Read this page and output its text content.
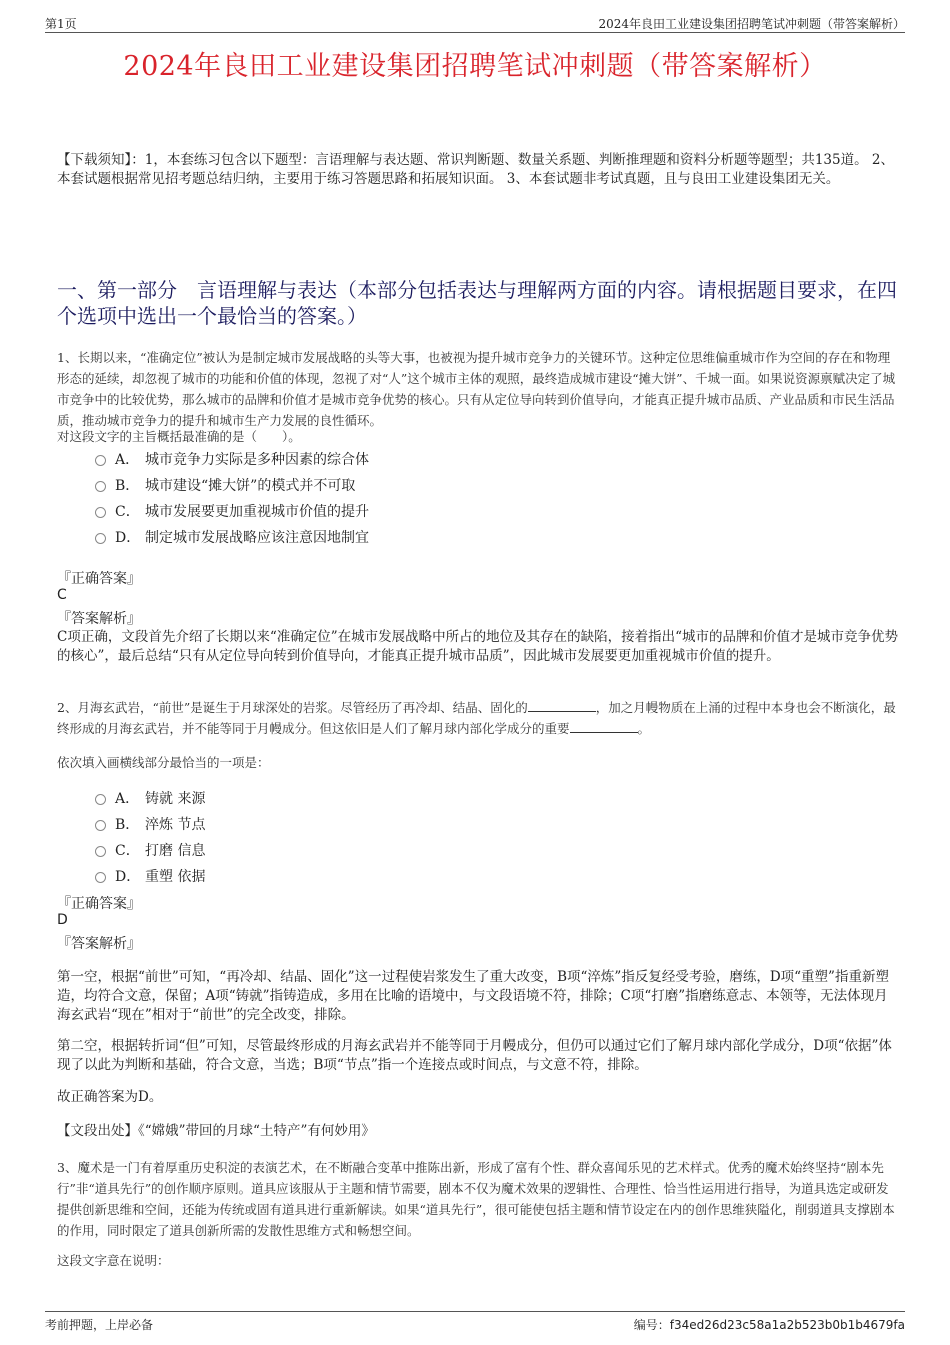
第1页	2024年良田工业建设集团招聘笔试冲刺题（带答案解析）
2024年良田工业建设集团招聘笔试冲刺题（带答案解析）
【下载须知】：1，本套练习包含以下题型：言语理解与表达题、常识判断题、数量关系题、判断推理题和资料分析题等题型；共135道。 2、本套试题根据常见招考题总结归纳，主要用于练习答题思路和拓展知识面。 3、本套试题非考试真题，且与良田工业建设集团无关。
一、第一部分　言语理解与表达（本部分包括表达与理解两方面的内容。请根据题目要求，在四个选项中选出一个最恰当的答案。）
1、长期以来，“准确定位”被认为是制定城市发展战略的头等大事，也被视为提升城市竞争力的关键环节。这种定位思维偏重城市作为空间的存在和物理形态的延续，却忽视了城市的功能和价值的体现，忽视了对“人”这个城市主体的观照，最终造成城市建设“摊大饼”、千城一面。如果说资源禀赋决定了城市竞争中的比较优势，那么城市的品牌和价值才是城市竞争优势的核心。只有从定位导向转到价值导向，才能真正提升城市品质、产业品质和市民生活品质，推动城市竞争力的提升和城市生产力发展的良性循环。
对这段文字的主旨概括最准确的是（　　）。
A． 城市竞争力实际是多种因素的综合体
B． 城市建设“摊大饼”的模式并不可取
C． 城市发展要更加重视城市价值的提升
D． 制定城市发展战略应该注意因地制宜
『正确答案』
C
『答案解析』
C项正确，文段首先介绍了长期以来“准确定位”在城市发展战略中所占的地位及其存在的缺陷，接着指出“城市的品牌和价值才是城市竞争优势的核心”，最后总结“只有从定位导向转到价值导向，才能真正提升城市品质”，因此城市发展要更加重视城市价值的提升。
2、月海玄武岩，“前世”是诞生于月球深处的岩浆。尽管经历了再冷却、结晶、固化的	，加之月幔物质在上涌的过程中本身也会不断演化，最终形成的月海玄武岩，并不能等同于月幔成分。但这依旧是人们了解月球内部化学成分的重要	。
依次填入画横线部分最恰当的一项是：
A． 铸就 来源
B． 淬炼 节点
C． 打磨 信息
D． 重塑 依据
『正确答案』
D
『答案解析』
第一空，根据“前世”可知，“再冷却、结晶、固化”这一过程使岩浆发生了重大改变，B项“淬炼”指反复经受考验，磨练，D项“重塑”指重新塑造，均符合文意，保留；A项“铸就”指铸造成，多用在比喻的语境中，与文段语境不符，排除；C项“打磨”指磨练意志、本领等，无法体现月海玄武岩“现在”相对于“前世”的完全改变，排除。
第二空，根据转折词“但”可知，尽管最终形成的月海玄武岩并不能等同于月幔成分，但仍可以通过它们了解月球内部化学成分，D项“依据”体现了以此为判断和基础，符合文意，当选；B项“节点”指一个连接点或时间点，与文意不符，排除。
故正确答案为D。
【文段出处】《“嫦娥”带回的月球“土特产”有何妙用》
3、魔术是一门有着厚重历史积淀的表演艺术，在不断融合变革中推陈出新，形成了富有个性、群众喜闻乐见的艺术样式。优秀的魔术始终坚持“剧本先行”非“道具先行”的创作顺序原则。道具应该服从于主题和情节需要，剧本不仅为魔术效果的逻辑性、合理性、恰当性运用进行指导，为道具选定或研发提供创新思维和空间，还能为传统或固有道具进行重新解读。如果“道具先行”，很可能使包括主题和情节设定在内的创作思维狭隘化，削弱道具支撑剧本的作用，同时限定了道具创新所需的发散性思维方式和畅想空间。
这段文字意在说明：
考前押题，上岸必备	编号：f34ed26d23c58a1a2b523b0b1b4679fa
